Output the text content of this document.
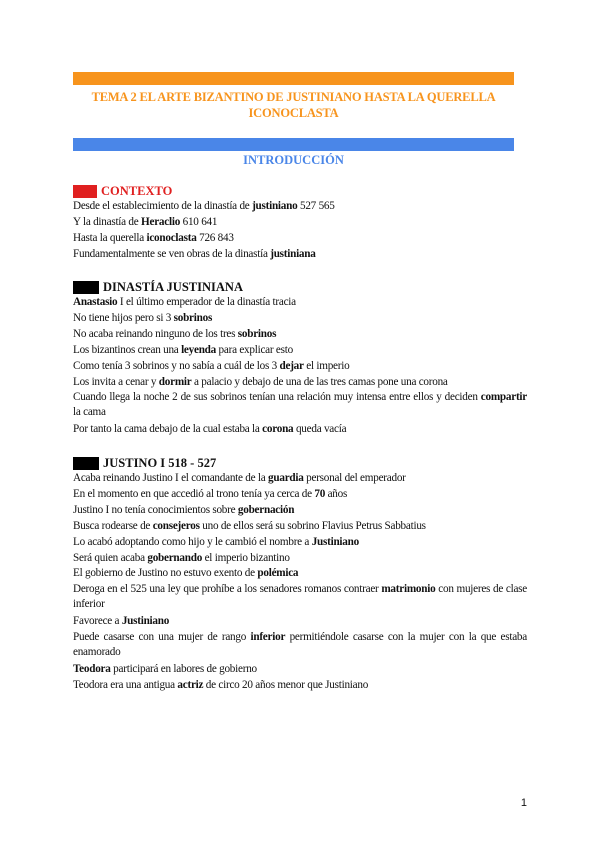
TEMA 2 EL ARTE BIZANTINO DE JUSTINIANO HASTA LA QUERELLA ICONOCLASTA
INTRODUCCIÓN
CONTEXTO
Desde el establecimiento de la dinastía de justiniano 527 565
Y la dinastía de Heraclio 610 641
Hasta la querella iconoclasta 726 843
Fundamentalmente se ven obras de la dinastía justiniana
DINASTÍA JUSTINIANA
Anastasio I el último emperador de la dinastía tracia
No tiene hijos pero si 3 sobrinos
No acaba reinando ninguno de los tres sobrinos
Los bizantinos crean una leyenda para explicar esto
Como tenía 3 sobrinos y no sabía a cuál de los 3 dejar el imperio
Los invita a cenar y dormir a palacio y debajo de una de las tres camas pone una corona
Cuando llega la noche 2 de sus sobrinos tenían una relación muy intensa entre ellos y deciden compartir la cama
Por tanto la cama debajo de la cual estaba la corona queda vacía
JUSTINO I 518 - 527
Acaba reinando Justino I el comandante de la guardia personal del emperador
En el momento en que accedió al trono tenía ya cerca de 70 años
Justino I no tenía conocimientos sobre gobernación
Busca rodearse de consejeros uno de ellos será su sobrino Flavius Petrus Sabbatius
Lo acabó adoptando como hijo y le cambió el nombre a Justiniano
Será quien acaba gobernando el imperio bizantino
El gobierno de Justino no estuvo exento de polémica
Deroga en el 525 una ley que prohíbe a los senadores romanos contraer matrimonio con mujeres de clase inferior
Favorece a Justiniano
Puede casarse con una mujer de rango inferior permitiéndole casarse con la mujer con la que estaba enamorado
Teodora participará en labores de gobierno
Teodora era una antigua actriz de circo 20 años menor que Justiniano
1
